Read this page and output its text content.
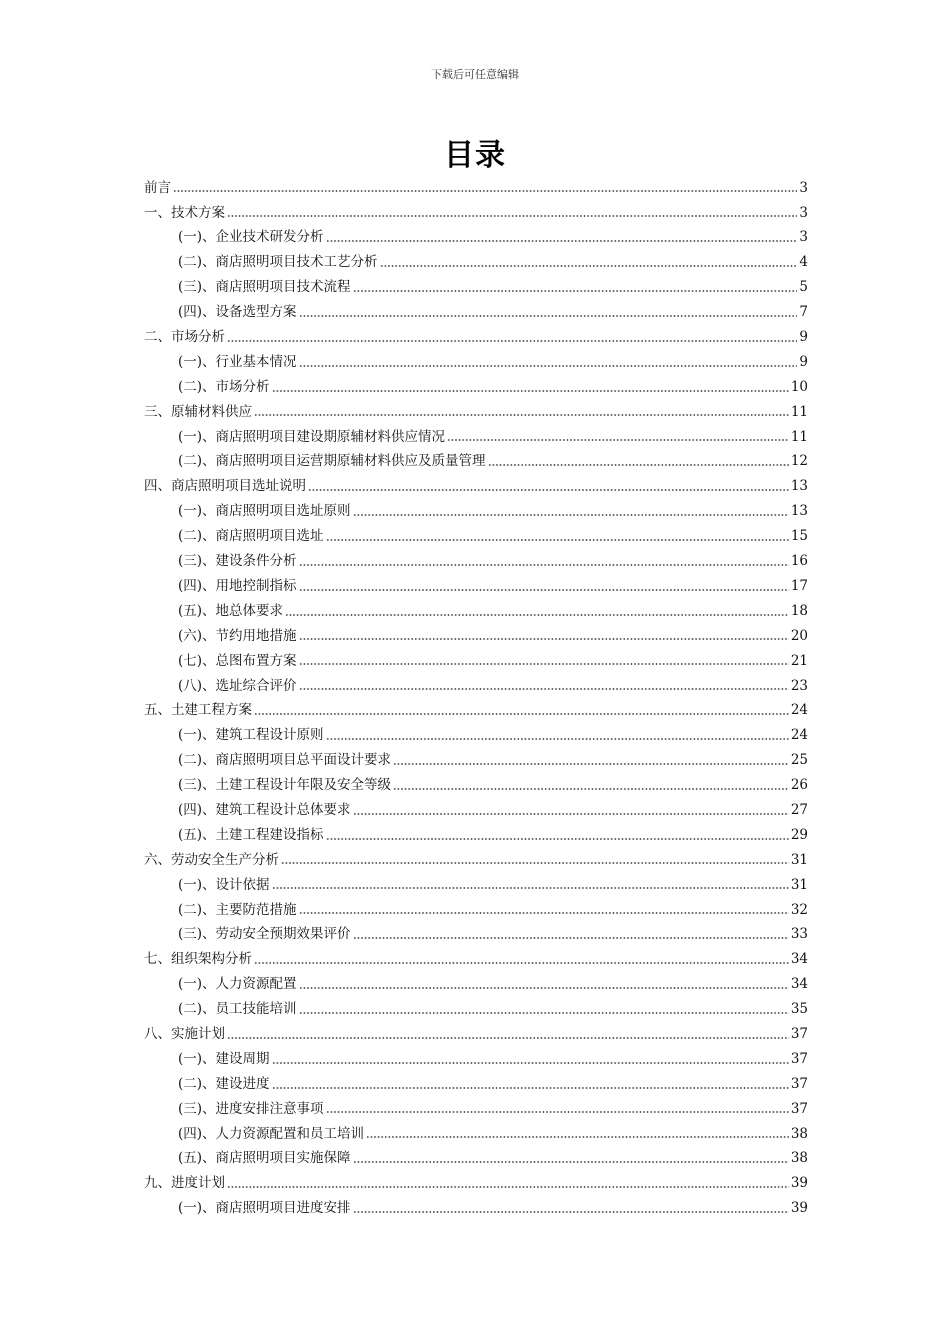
下载后可任意编辑
目录
前言	3
一、技术方案	3
(一)、企业技术研发分析	3
(二)、商店照明项目技术工艺分析	4
(三)、商店照明项目技术流程	5
(四)、设备选型方案	7
二、市场分析	9
(一)、行业基本情况	9
(二)、市场分析	10
三、原辅材料供应	11
(一)、商店照明项目建设期原辅材料供应情况	11
(二)、商店照明项目运营期原辅材料供应及质量管理	12
四、商店照明项目选址说明	13
(一)、商店照明项目选址原则	13
(二)、商店照明项目选址	15
(三)、建设条件分析	16
(四)、用地控制指标	17
(五)、地总体要求	18
(六)、节约用地措施	20
(七)、总图布置方案	21
(八)、选址综合评价	23
五、土建工程方案	24
(一)、建筑工程设计原则	24
(二)、商店照明项目总平面设计要求	25
(三)、土建工程设计年限及安全等级	26
(四)、建筑工程设计总体要求	27
(五)、土建工程建设指标	29
六、劳动安全生产分析	31
(一)、设计依据	31
(二)、主要防范措施	32
(三)、劳动安全预期效果评价	33
七、组织架构分析	34
(一)、人力资源配置	34
(二)、员工技能培训	35
八、实施计划	37
(一)、建设周期	37
(二)、建设进度	37
(三)、进度安排注意事项	37
(四)、人力资源配置和员工培训	38
(五)、商店照明项目实施保障	38
九、进度计划	39
(一)、商店照明项目进度安排	39
